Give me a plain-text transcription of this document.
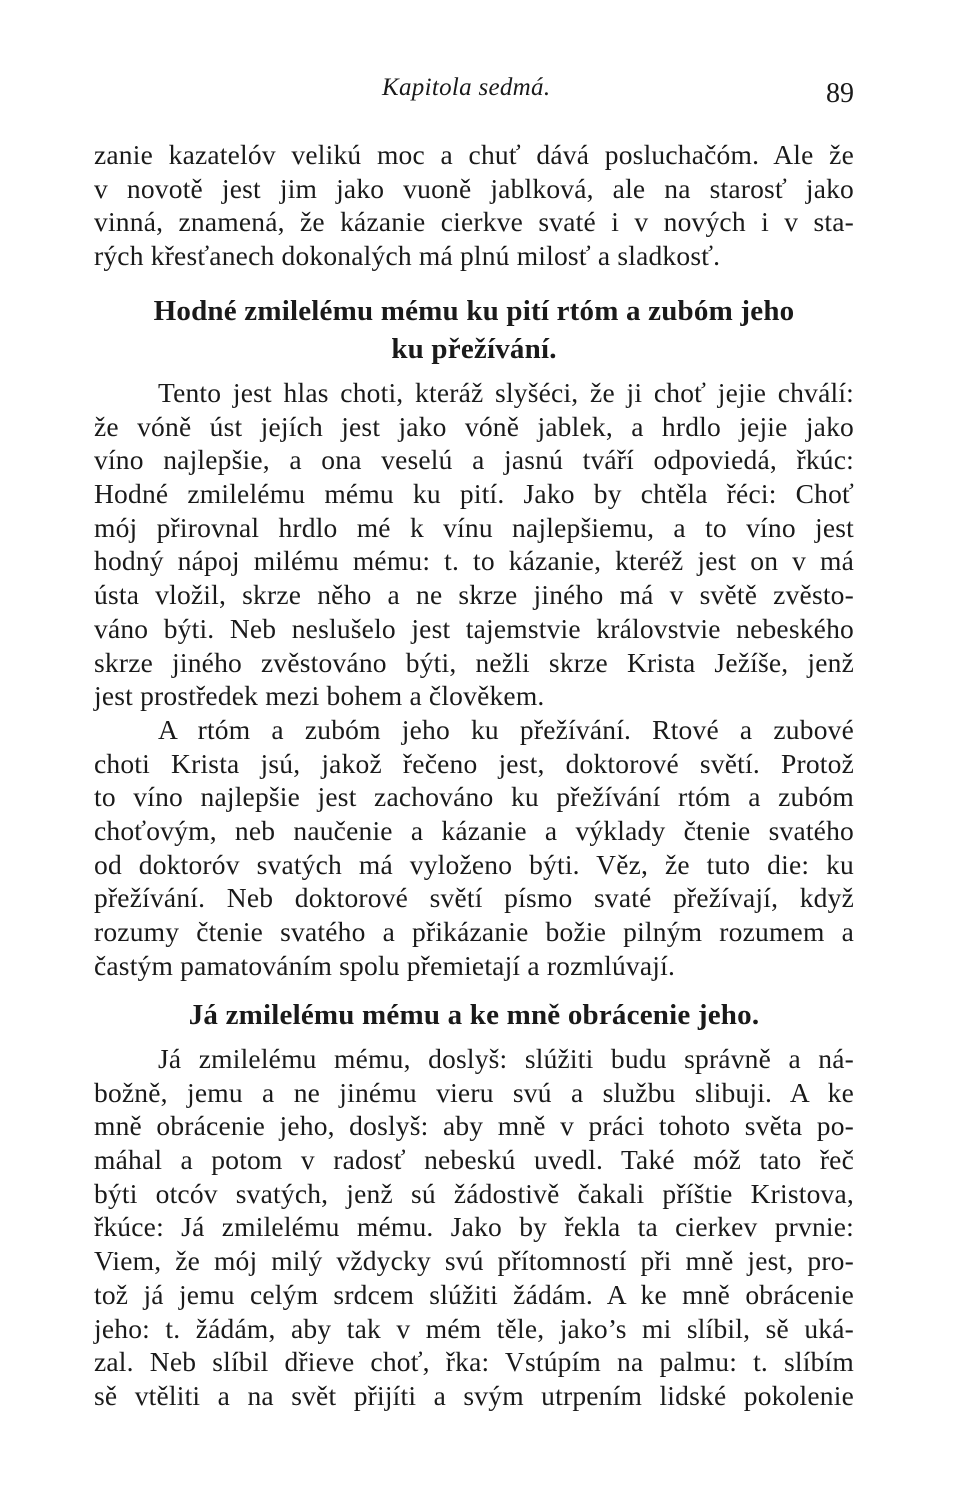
Kapitola sedmá.	89
zanie kazatelóv velikú moc a chuť dává posluchačóm. Ale že
v novotě jest jim jako vuoně jablková, ale na starosť jako
vinná, znamená, že kázanie cierkve svaté i v nových i v sta-
rých křesťanech dokonalých má plnú milosť a sladkosť.
Hodné zmilelému mému ku pití rtóm a zubóm jeho
ku přežívání.
Tento jest hlas choti, kteráž slyšéci, že ji choť jejie chválí:
že vóně úst jejích jest jako vóně jablek, a hrdlo jejie jako
víno najlepšie, a ona veselú a jasnú tváří odpoviedá, řkúc:
Hodné zmilelému mému ku pití. Jako by chtěla řéci: Choť
mój přirovnal hrdlo mé k vínu najlepšiemu, a to víno jest
hodný nápoj milému mému: t. to kázanie, kteréž jest on v má
ústa vložil, skrze něho a ne skrze jiného má v světě zvěsto-
váno býti. Neb neslušelo jest tajemstvie královstvie nebeského
skrze jiného zvěstováno býti, nežli skrze Krista Ježíše, jenž
jest prostředek mezi bohem a člověkem.
A rtóm a zubóm jeho ku přežívání. Rtové a zubové
choti Krista jsú, jakož řečeno jest, doktorové světí. Protož
to víno najlepšie jest zachováno ku přežívání rtóm a zubóm
choťovým, neb naučenie a kázanie a výklady čtenie svatého
od doktoróv svatých má vyloženo býti. Věz, že tuto die: ku
přežívání. Neb doktorové světí písmo svaté přežívají, když
rozumy čtenie svatého a přikázanie božie pilným rozumem a
častým pamatováním spolu přemietají a rozmlúvají.
Já zmilelému mému a ke mně obrácenie jeho.
Já zmilelému mému, doslyš: slúžiti budu správně a ná-
božně, jemu a ne jinému vieru svú a službu slibuji. A ke
mně obrácenie jeho, doslyš: aby mně v práci tohoto světa po-
máhal a potom v radosť nebeskú uvedl. Také móž tato řeč
býti otcóv svatých, jenž sú žádostivě čakali příštie Kristova,
řkúce: Já zmilelému mému. Jako by řekla ta cierkev prvnie:
Viem, že mój milý vždycky svú přítomností při mně jest, pro-
tož já jemu celým srdcem slúžiti žádám. A ke mně obrácenie
jeho: t. žádám, aby tak v mém těle, jako’s mi slíbil, sě uká-
zal. Neb slíbil dřieve choť, řka: Vstúpím na palmu: t. slíbím
sě vtěliti a na svět přijíti a svým utrpením lidské pokolenie
